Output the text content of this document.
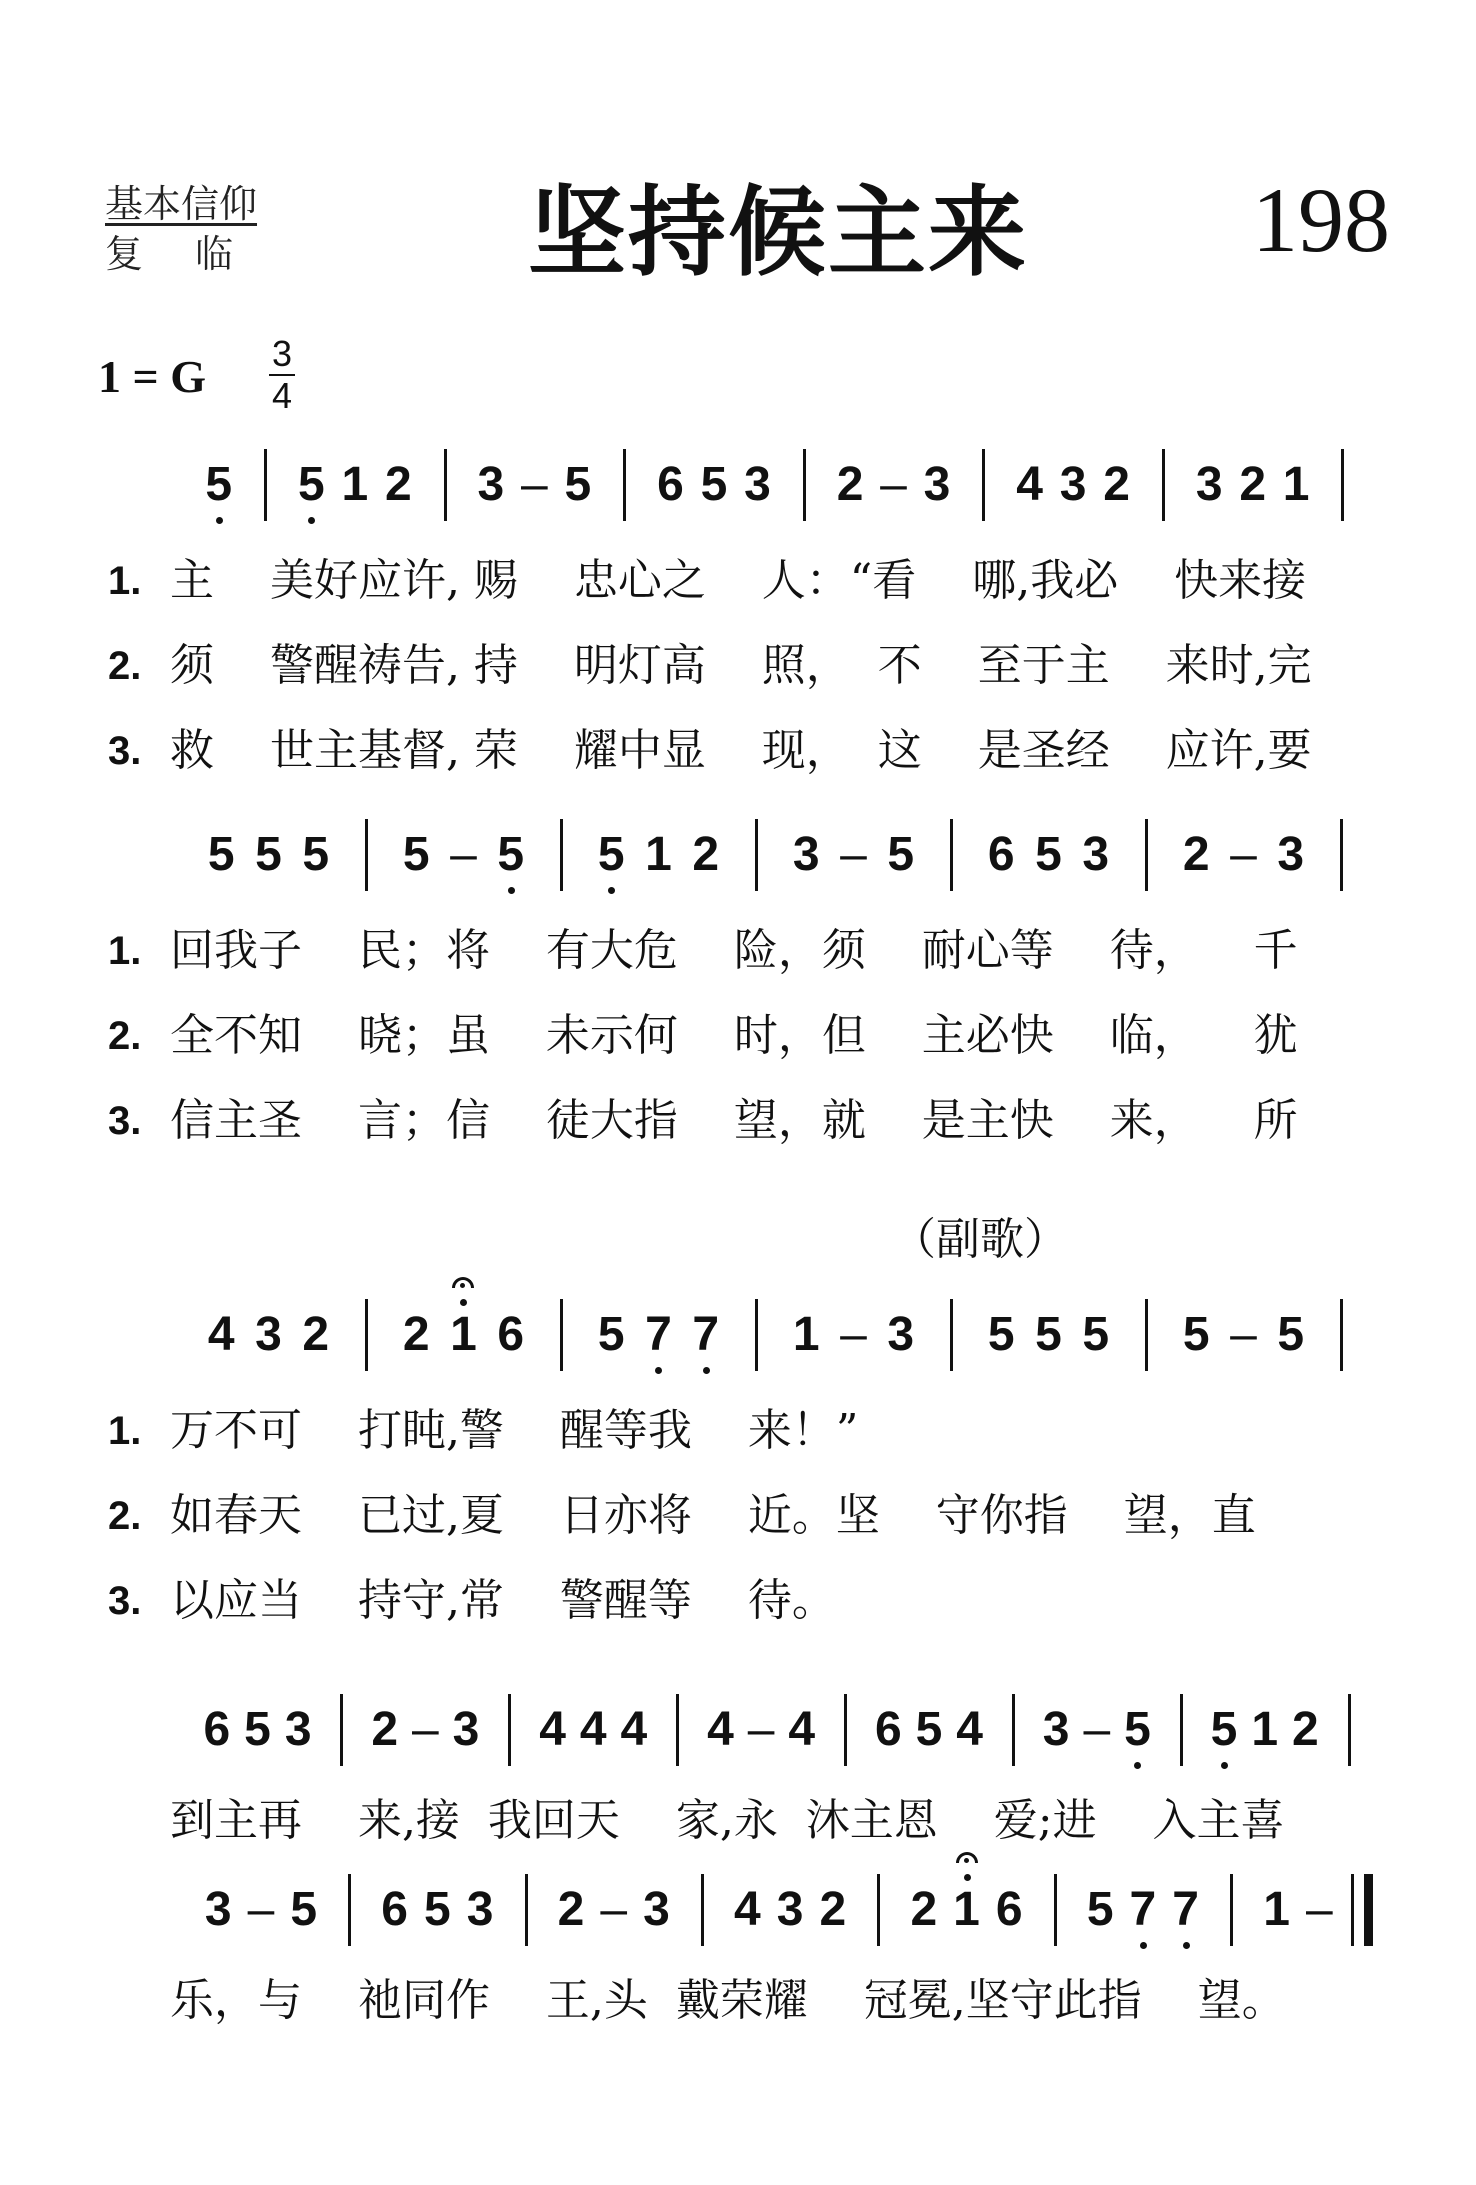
基本信仰
复临 坚持候主来 198
1 = G 3
4
（副歌）
5 5 1 2 3 – 5 6 5 3 2 – 3 4 3 2 3 2 1
1. 主    美好应许, 赐    忠心之    人：“看    哪,我必    快来接
2. 须    警醒祷告, 持    明灯高    照，  不    至于主    来时,完
3. 救    世主基督, 荣    耀中显    现，  这    是圣经    应许,要
5 5 5 5 – 5 5 1 2 3 – 5 6 5 3 2 – 3
1. 回我子    民；将    有大危    险，须    耐心等    待，    千
2. 全不知    晓；虽    未示何    时，但    主必快    临，    犹
3. 信主圣    言；信    徒大指    望，就    是主快    来，    所
4 3 2 2 1 6 5 7 7 1 – 3 5 5 5 5 – 5
1. 万不可    打盹,警    醒等我    来！”
2. 如春天    已过,夏    日亦将    近。坚    守你指    望，直
3. 以应当    持守,常    警醒等    待。
6 5 3 2 – 3 4 4 4 4 – 4 6 5 4 3 – 5 5 1 2
到主再    来,接  我回天    家,永  沐主恩    爱;进    入主喜
3 – 5 6 5 3 2 – 3 4 3 2 2 1 6 5 7 7 1 –
乐，与    祂同作    王,头  戴荣耀    冠冕,坚守此指    望。
